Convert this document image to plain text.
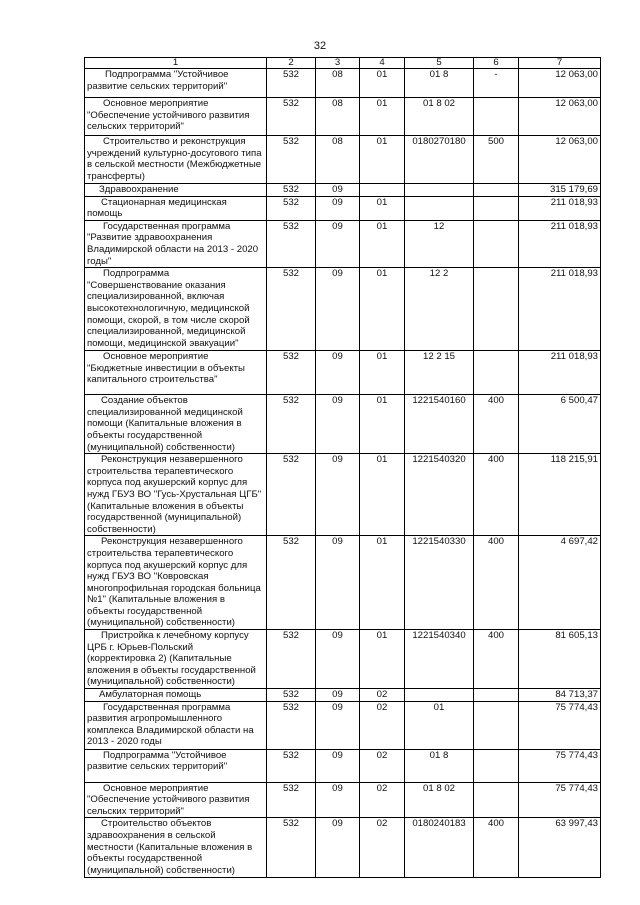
32
1	2	3	4	5	6	7
Подпрограмма "Устойчивое развитие сельских территорий"	532	08	01	01 8	-	12 063,00
Основное мероприятие "Обеспечение устойчивого развития сельских территорий"	532	08	01	01 8 02		12 063,00
Строительство и реконструкция учреждений культурно-досугового типа в сельской местности (Межбюджетные трансферты)	532	08	01	0180270180	500	12 063,00
Здравоохранение	532	09				315 179,69
Стационарная медицинская помощь	532	09	01			211 018,93
Государственная программа "Развитие здравоохранения Владимирской области на 2013 - 2020 годы"	532	09	01	12		211 018,93
Подпрограмма "Совершенствование оказания специализированной, включая высокотехнологичную, медицинской помощи, скорой, в том числе скорой специализированной, медицинской помощи, медицинской эвакуации"	532	09	01	12 2		211 018,93
Основное мероприятие "Бюджетные инвестиции в объекты капитального строительства"	532	09	01	12 2 15		211 018,93
Создание объектов специализированной медицинской помощи (Капитальные вложения в объекты государственной (муниципальной) собственности)	532	09	01	1221540160	400	6 500,47
Реконструкция незавершенного строительства терапевтического корпуса под акушерский корпус для нужд ГБУЗ ВО "Гусь-Хрустальная ЦГБ" (Капитальные вложения в объекты государственной (муниципальной) собственности)	532	09	01	1221540320	400	118 215,91
Реконструкция незавершенного строительства терапевтического корпуса под акушерский корпус для нужд ГБУЗ ВО "Ковровская многопрофильная городская больница №1" (Капитальные вложения в объекты государственной (муниципальной) собственности)	532	09	01	1221540330	400	4 697,42
Пристройка к лечебному корпусу ЦРБ г. Юрьев-Польский (корректировка 2) (Капитальные вложения в объекты государственной (муниципальной) собственности)	532	09	01	1221540340	400	81 605,13
Амбулаторная помощь	532	09	02			84 713,37
Государственная программа развития агропромышленного комплекса Владимирской области на 2013 - 2020 годы	532	09	02	01		75 774,43
Подпрограмма "Устойчивое развитие сельских территорий"	532	09	02	01 8		75 774,43
Основное мероприятие "Обеспечение устойчивого развития сельских территорий"	532	09	02	01 8 02		75 774,43
Строительство объектов здравоохранения в сельской местности (Капитальные вложения в объекты государственной (муниципальной) собственности)	532	09	02	0180240183	400	63 997,43
